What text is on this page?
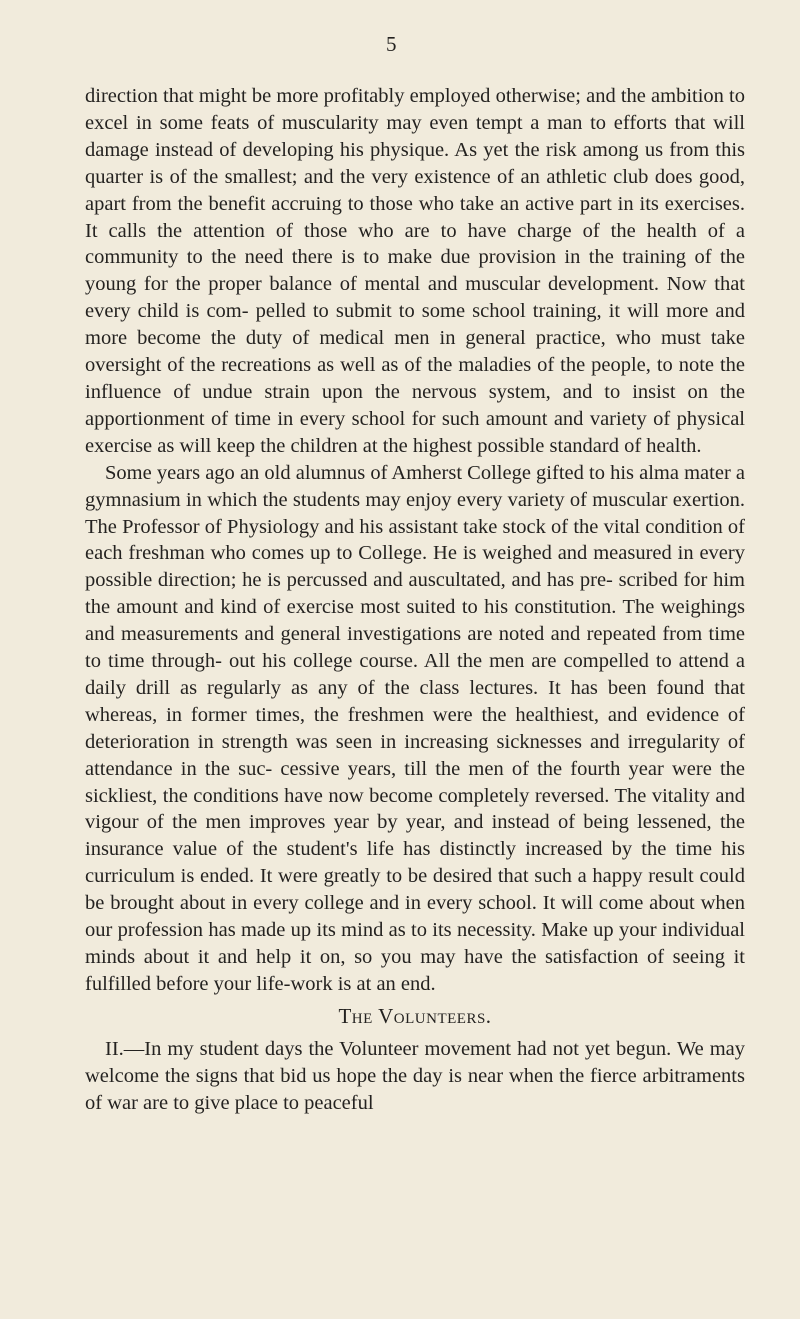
5

direction that might be more profitably employed otherwise; and the ambition to excel in some feats of muscularity may even tempt a man to efforts that will damage instead of developing his physique. As yet the risk among us from this quarter is of the smallest; and the very existence of an athletic club does good, apart from the benefit accruing to those who take an active part in its exercises. It calls the attention of those who are to have charge of the health of a community to the need there is to make due provision in the training of the young for the proper balance of mental and muscular development. Now that every child is com- pelled to submit to some school training, it will more and more become the duty of medical men in general practice, who must take oversight of the recreations as well as of the maladies of the people, to note the influence of undue strain upon the nervous system, and to insist on the apportionment of time in every school for such amount and variety of physical exercise as will keep the children at the highest possible standard of health.

Some years ago an old alumnus of Amherst College gifted to his alma mater a gymnasium in which the students may enjoy every variety of muscular exertion. The Professor of Physiology and his assistant take stock of the vital condition of each freshman who comes up to College. He is weighed and measured in every possible direction; he is percussed and auscultated, and has pre- scribed for him the amount and kind of exercise most suited to his constitution. The weighings and measurements and general investigations are noted and repeated from time to time through- out his college course. All the men are compelled to attend a daily drill as regularly as any of the class lectures. It has been found that whereas, in former times, the freshmen were the healthiest, and evidence of deterioration in strength was seen in increasing sicknesses and irregularity of attendance in the suc- cessive years, till the men of the fourth year were the sickliest, the conditions have now become completely reversed. The vitality and vigour of the men improves year by year, and instead of being lessened, the insurance value of the student's life has distinctly increased by the time his curriculum is ended. It were greatly to be desired that such a happy result could be brought about in every college and in every school. It will come about when our profession has made up its mind as to its necessity. Make up your individual minds about it and help it on, so you may have the satisfaction of seeing it fulfilled before your life-work is at an end.

The Volunteers.

II.—In my student days the Volunteer movement had not yet begun. We may welcome the signs that bid us hope the day is near when the fierce arbitraments of war are to give place to peaceful
